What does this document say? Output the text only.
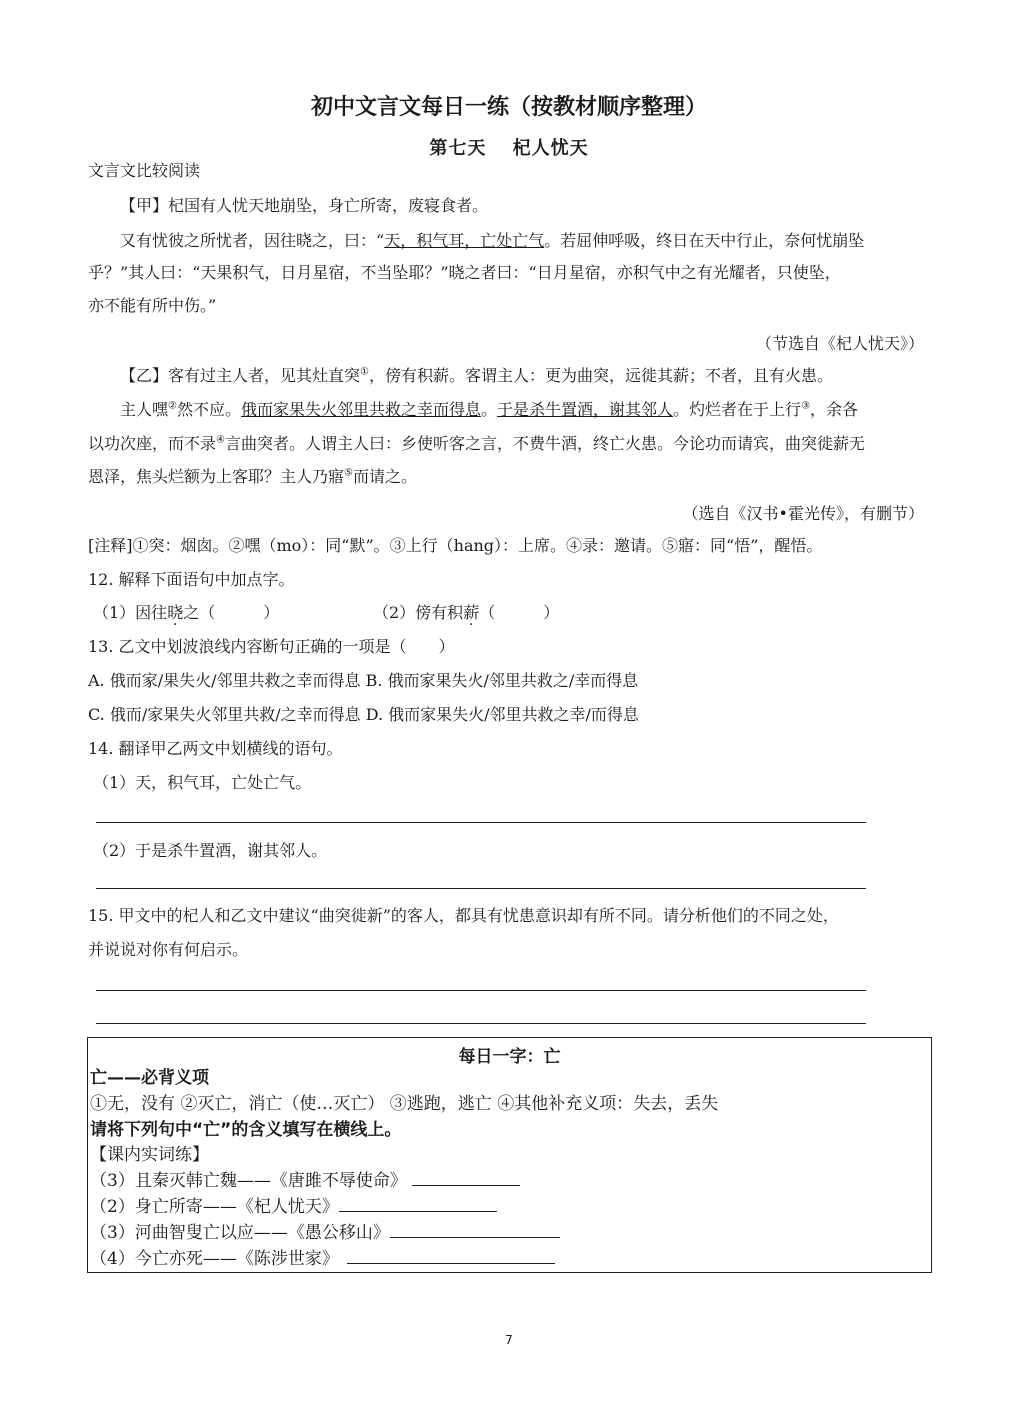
初中文言文每日一练（按教材顺序整理）
第七天　 杞人忧天
文言文比较阅读
【甲】杞国有人忧天地崩坠，身亡所寄，废寝食者。
又有忧彼之所忧者，因往晓之，曰：“天，积气耳，亡处亡气。若屈伸呼吸，终日在天中行止，奈何忧崩坠
乎？”其人曰：“天果积气，日月星宿，不当坠耶？”晓之者曰：“日月星宿，亦积气中之有光耀者，只使坠，
亦不能有所中伤。”
（节选自《杞人忧天》）
【乙】客有过主人者，见其灶直突①，傍有积薪。客谓主人：更为曲突，远徙其薪；不者，且有火患。
主人嘿②然不应。俄而家果失火邻里共救之幸而得息。于是杀牛置酒，谢其邻人。灼烂者在于上行③，余各
以功次座，而不录④言曲突者。人谓主人曰：乡使听客之言，不费牛酒，终亡火患。今论功而请宾，曲突徙薪无
恩泽，焦头烂额为上客耶？主人乃寤⑤而请之。
（选自《汉书•霍光传》，有删节）
[注释]①突：烟囱。②嘿（mo）：同“默”。③上行（hang）：上席。④录：邀请。⑤寤：同“悟”，醒悟。
12. 解释下面语句中加点字。
（1）因往晓之（　　　）	（2）傍有积薪（　　　）
13. 乙文中划波浪线内容断句正确的一项是（　　）
A. 俄而家/果失火/邻里共救之幸而得息 B. 俄而家果失火/邻里共救之/幸而得息
C. 俄而/家果失火邻里共救/之幸而得息 D. 俄而家果失火/邻里共救之幸/而得息
14. 翻译甲乙两文中划横线的语句。
（1）天，积气耳，亡处亡气。
（2）于是杀牛置酒，谢其邻人。
15. 甲文中的杞人和乙文中建议“曲突徙新”的客人，都具有忧患意识却有所不同。请分析他们的不同之处，
并说说对你有何启示。
每日一字：亡
亡——必背义项
①无，没有 ②灭亡，消亡（使…灭亡） ③逃跑，逃亡 ④其他补充义项：失去，丢失
请将下列句中“亡”的含义填写在横线上。
【课内实词练】
（3）且秦灭韩亡魏——《唐雎不辱使命》
（2）身亡所寄——《杞人忧天》
（3）河曲智叟亡以应——《愚公移山》
（4）今亡亦死——《陈涉世家》　
7
